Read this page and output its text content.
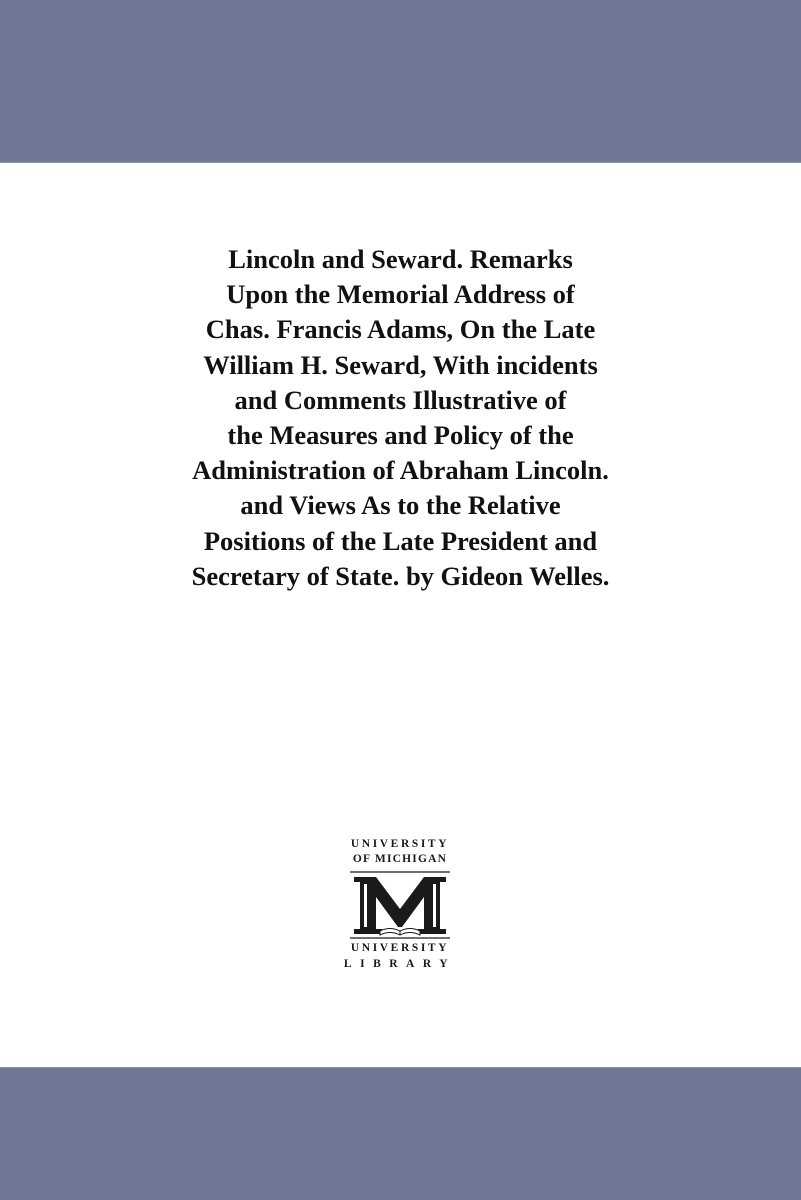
Lincoln and Seward. Remarks
Upon the Memorial Address of
Chas. Francis Adams, On the Late
William H. Seward, With incidents
and Comments Illustrative of
the Measures and Policy of the
Administration of Abraham Lincoln.
and Views As to the Relative
Positions of the Late President and
Secretary of State. by Gideon Welles.
UNIVERSITY
OF MICHIGAN
UNIVERSITY
LIBRARY
